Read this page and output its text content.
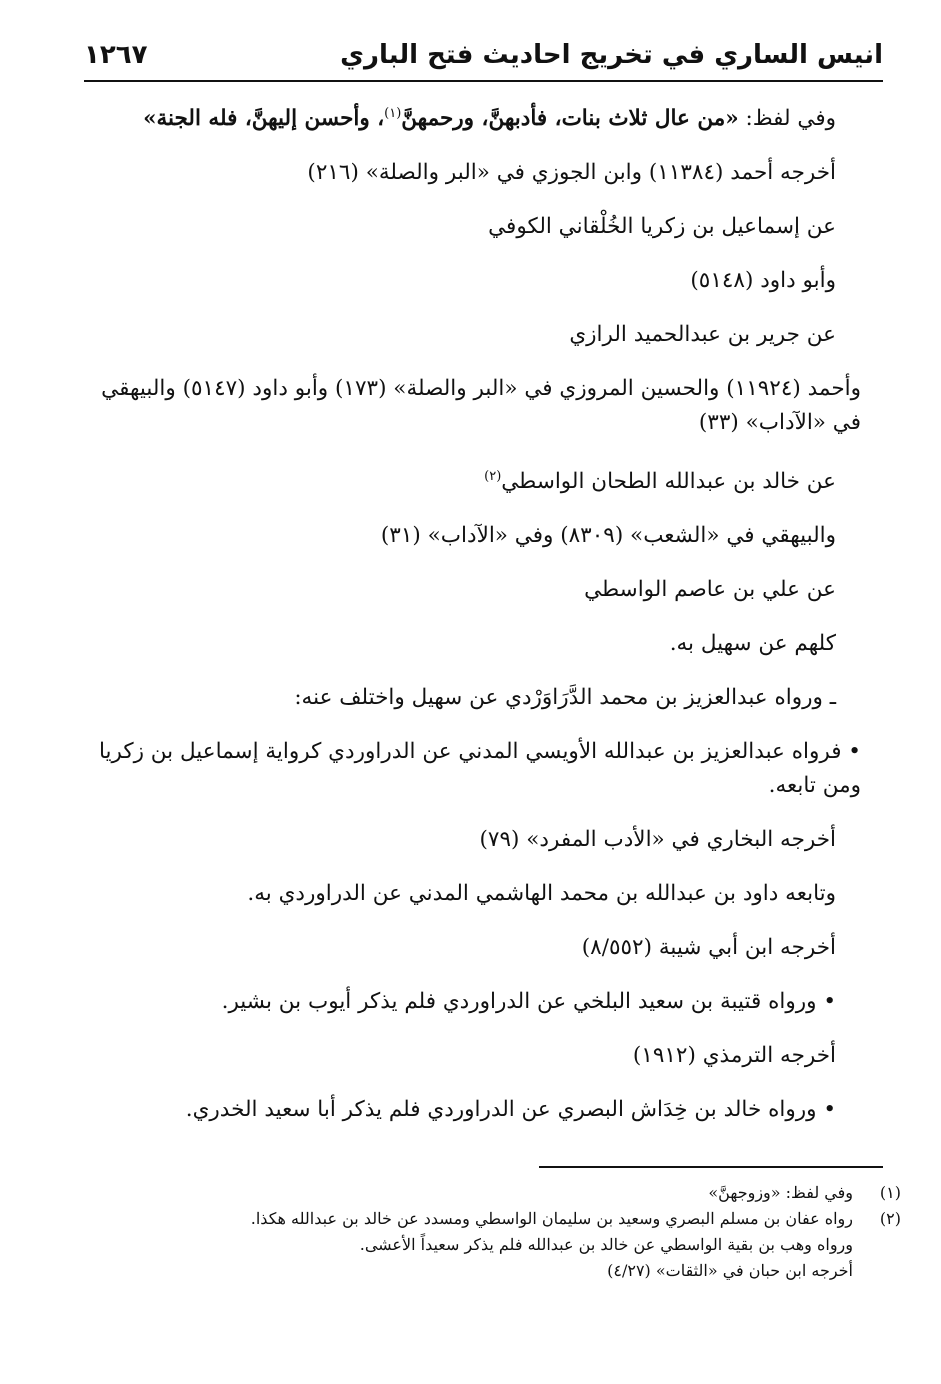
انيس الساري في تخريج احاديث فتح الباري
١٢٦٧

وفي لفظ: «من عال ثلاث بنات، فأدبهنَّ، ورحمهنَّ$^{(١)}$، وأحسن إليهنَّ، فله الجنة»

أخرجه أحمد (١١٣٨٤) وابن الجوزي في «البر والصلة» (٢١٦)

عن إسماعيل بن زكريا الخُلْقاني الكوفي

وأبو داود (٥١٤٨)

عن جرير بن عبدالحميد الرازي

وأحمد (١١٩٢٤) والحسين المروزي في «البر والصلة» (١٧٣) وأبو داود (٥١٤٧) والبيهقي في «الآداب» (٣٣)

عن خالد بن عبدالله الطحان الواسطي$^{(٢)}$

والبيهقي في «الشعب» (٨٣٠٩) وفي «الآداب» (٣١)

عن علي بن عاصم الواسطي

كلهم عن سهيل به.

ـ ورواه عبدالعزيز بن محمد الدَّرَاوَرْدي عن سهيل واختلف عنه:

• فرواه عبدالعزيز بن عبدالله الأويسي المدني عن الدراوردي كرواية إسماعيل بن زكريا ومن تابعه.

أخرجه البخاري في «الأدب المفرد» (٧٩)

وتابعه داود بن عبدالله بن محمد الهاشمي المدني عن الدراوردي به.

أخرجه ابن أبي شيبة (٨/٥٥٢)

• ورواه قتيبة بن سعيد البلخي عن الدراوردي فلم يذكر أيوب بن بشير.

أخرجه الترمذي (١٩١٢)

• ورواه خالد بن خِدَاش البصري عن الدراوردي فلم يذكر أبا سعيد الخدري.

(١)
وفي لفظ: «وزوجهنَّ»
(٢)
رواه عفان بن مسلم البصري وسعيد بن سليمان الواسطي ومسدد عن خالد بن عبدالله هكذا.
ورواه وهب بن بقية الواسطي عن خالد بن عبدالله فلم يذكر سعيداً الأعشى.
أخرجه ابن حبان في «الثقات» (٤/٢٧)
